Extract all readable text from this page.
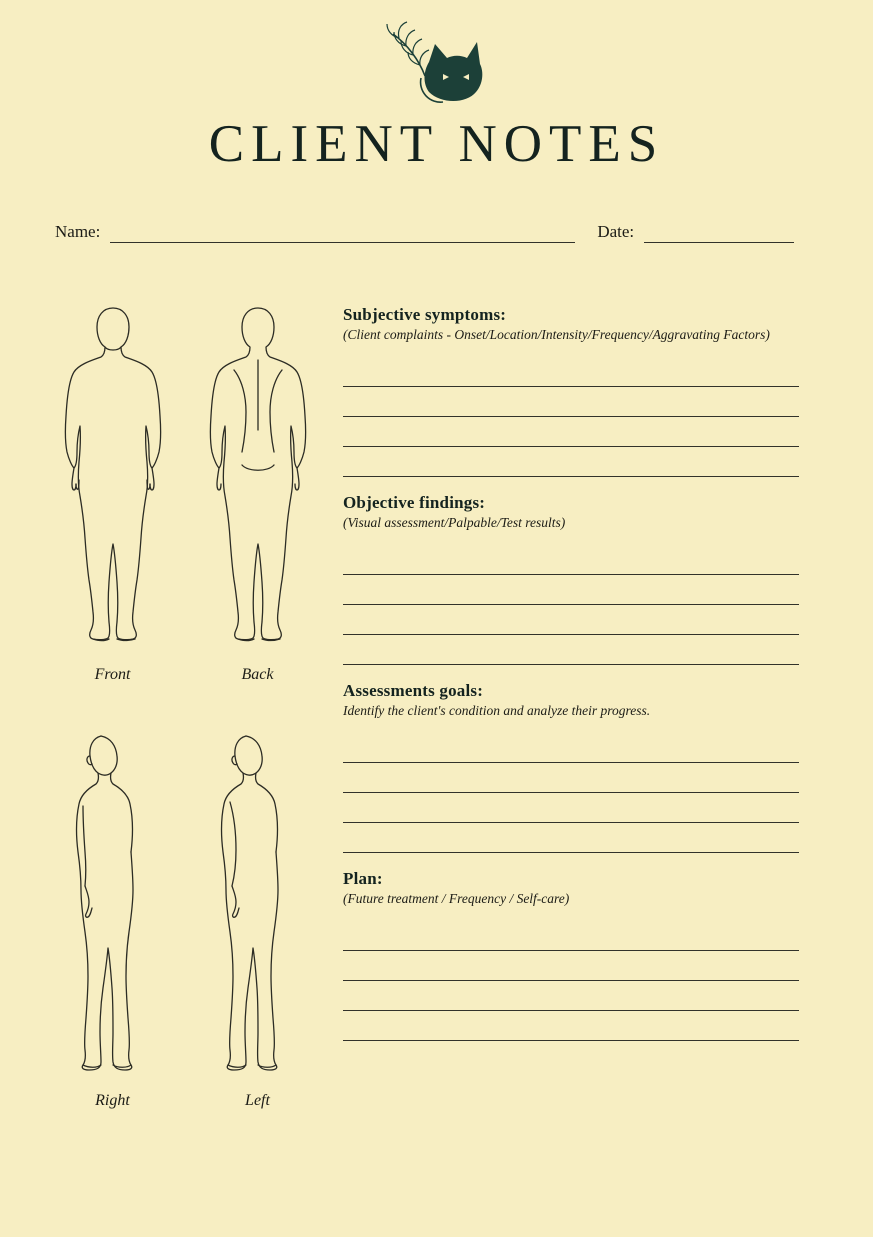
CLIENT NOTES
Name:	Date:
Front	Back
Right	Left
Subjective symptoms:
(Client complaints - Onset/Location/Intensity/Frequency/Aggravating Factors)
Objective findings:
(Visual assessment/Palpable/Test results)
Assessments goals:
Identify the client's condition and analyze their progress.
Plan:
(Future treatment / Frequency / Self-care)
